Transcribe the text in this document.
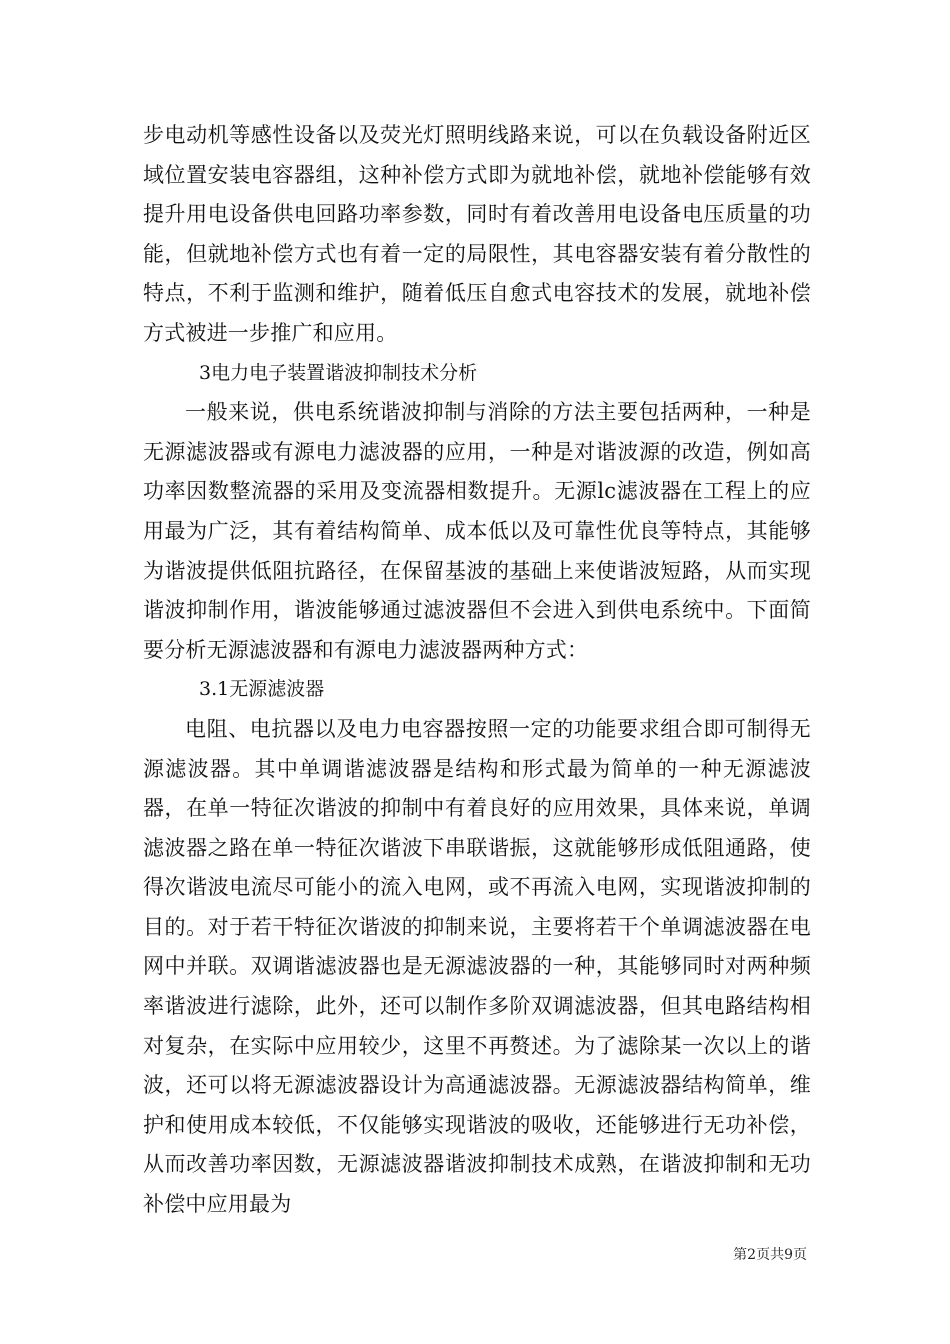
步电动机等感性设备以及荧光灯照明线路来说，可以在负载设备附近区域位置安装电容器组，这种补偿方式即为就地补偿，就地补偿能够有效提升用电设备供电回路功率参数，同时有着改善用电设备电压质量的功能，但就地补偿方式也有着一定的局限性，其电容器安装有着分散性的特点，不利于监测和维护，随着低压自愈式电容技术的发展，就地补偿方式被进一步推广和应用。

3电力电子装置谐波抑制技术分析

一般来说，供电系统谐波抑制与消除的方法主要包括两种，一种是无源滤波器或有源电力滤波器的应用，一种是对谐波源的改造，例如高功率因数整流器的采用及变流器相数提升。无源lc滤波器在工程上的应用最为广泛，其有着结构简单、成本低以及可靠性优良等特点，其能够为谐波提供低阻抗路径，在保留基波的基础上来使谐波短路，从而实现谐波抑制作用，谐波能够通过滤波器但不会进入到供电系统中。下面简要分析无源滤波器和有源电力滤波器两种方式：

3.1无源滤波器

电阻、电抗器以及电力电容器按照一定的功能要求组合即可制得无源滤波器。其中单调谐滤波器是结构和形式最为简单的一种无源滤波器，在单一特征次谐波的抑制中有着良好的应用效果，具体来说，单调滤波器之路在单一特征次谐波下串联谐振，这就能够形成低阻通路，使得次谐波电流尽可能小的流入电网，或不再流入电网，实现谐波抑制的目的。对于若干特征次谐波的抑制来说，主要将若干个单调滤波器在电网中并联。双调谐滤波器也是无源滤波器的一种，其能够同时对两种频率谐波进行滤除，此外，还可以制作多阶双调滤波器，但其电路结构相对复杂，在实际中应用较少，这里不再赘述。为了滤除某一次以上的谐波，还可以将无源滤波器设计为高通滤波器。无源滤波器结构简单，维护和使用成本较低，不仅能够实现谐波的吸收，还能够进行无功补偿，从而改善功率因数，无源滤波器谐波抑制技术成熟，在谐波抑制和无功补偿中应用最为

第2页共9页
